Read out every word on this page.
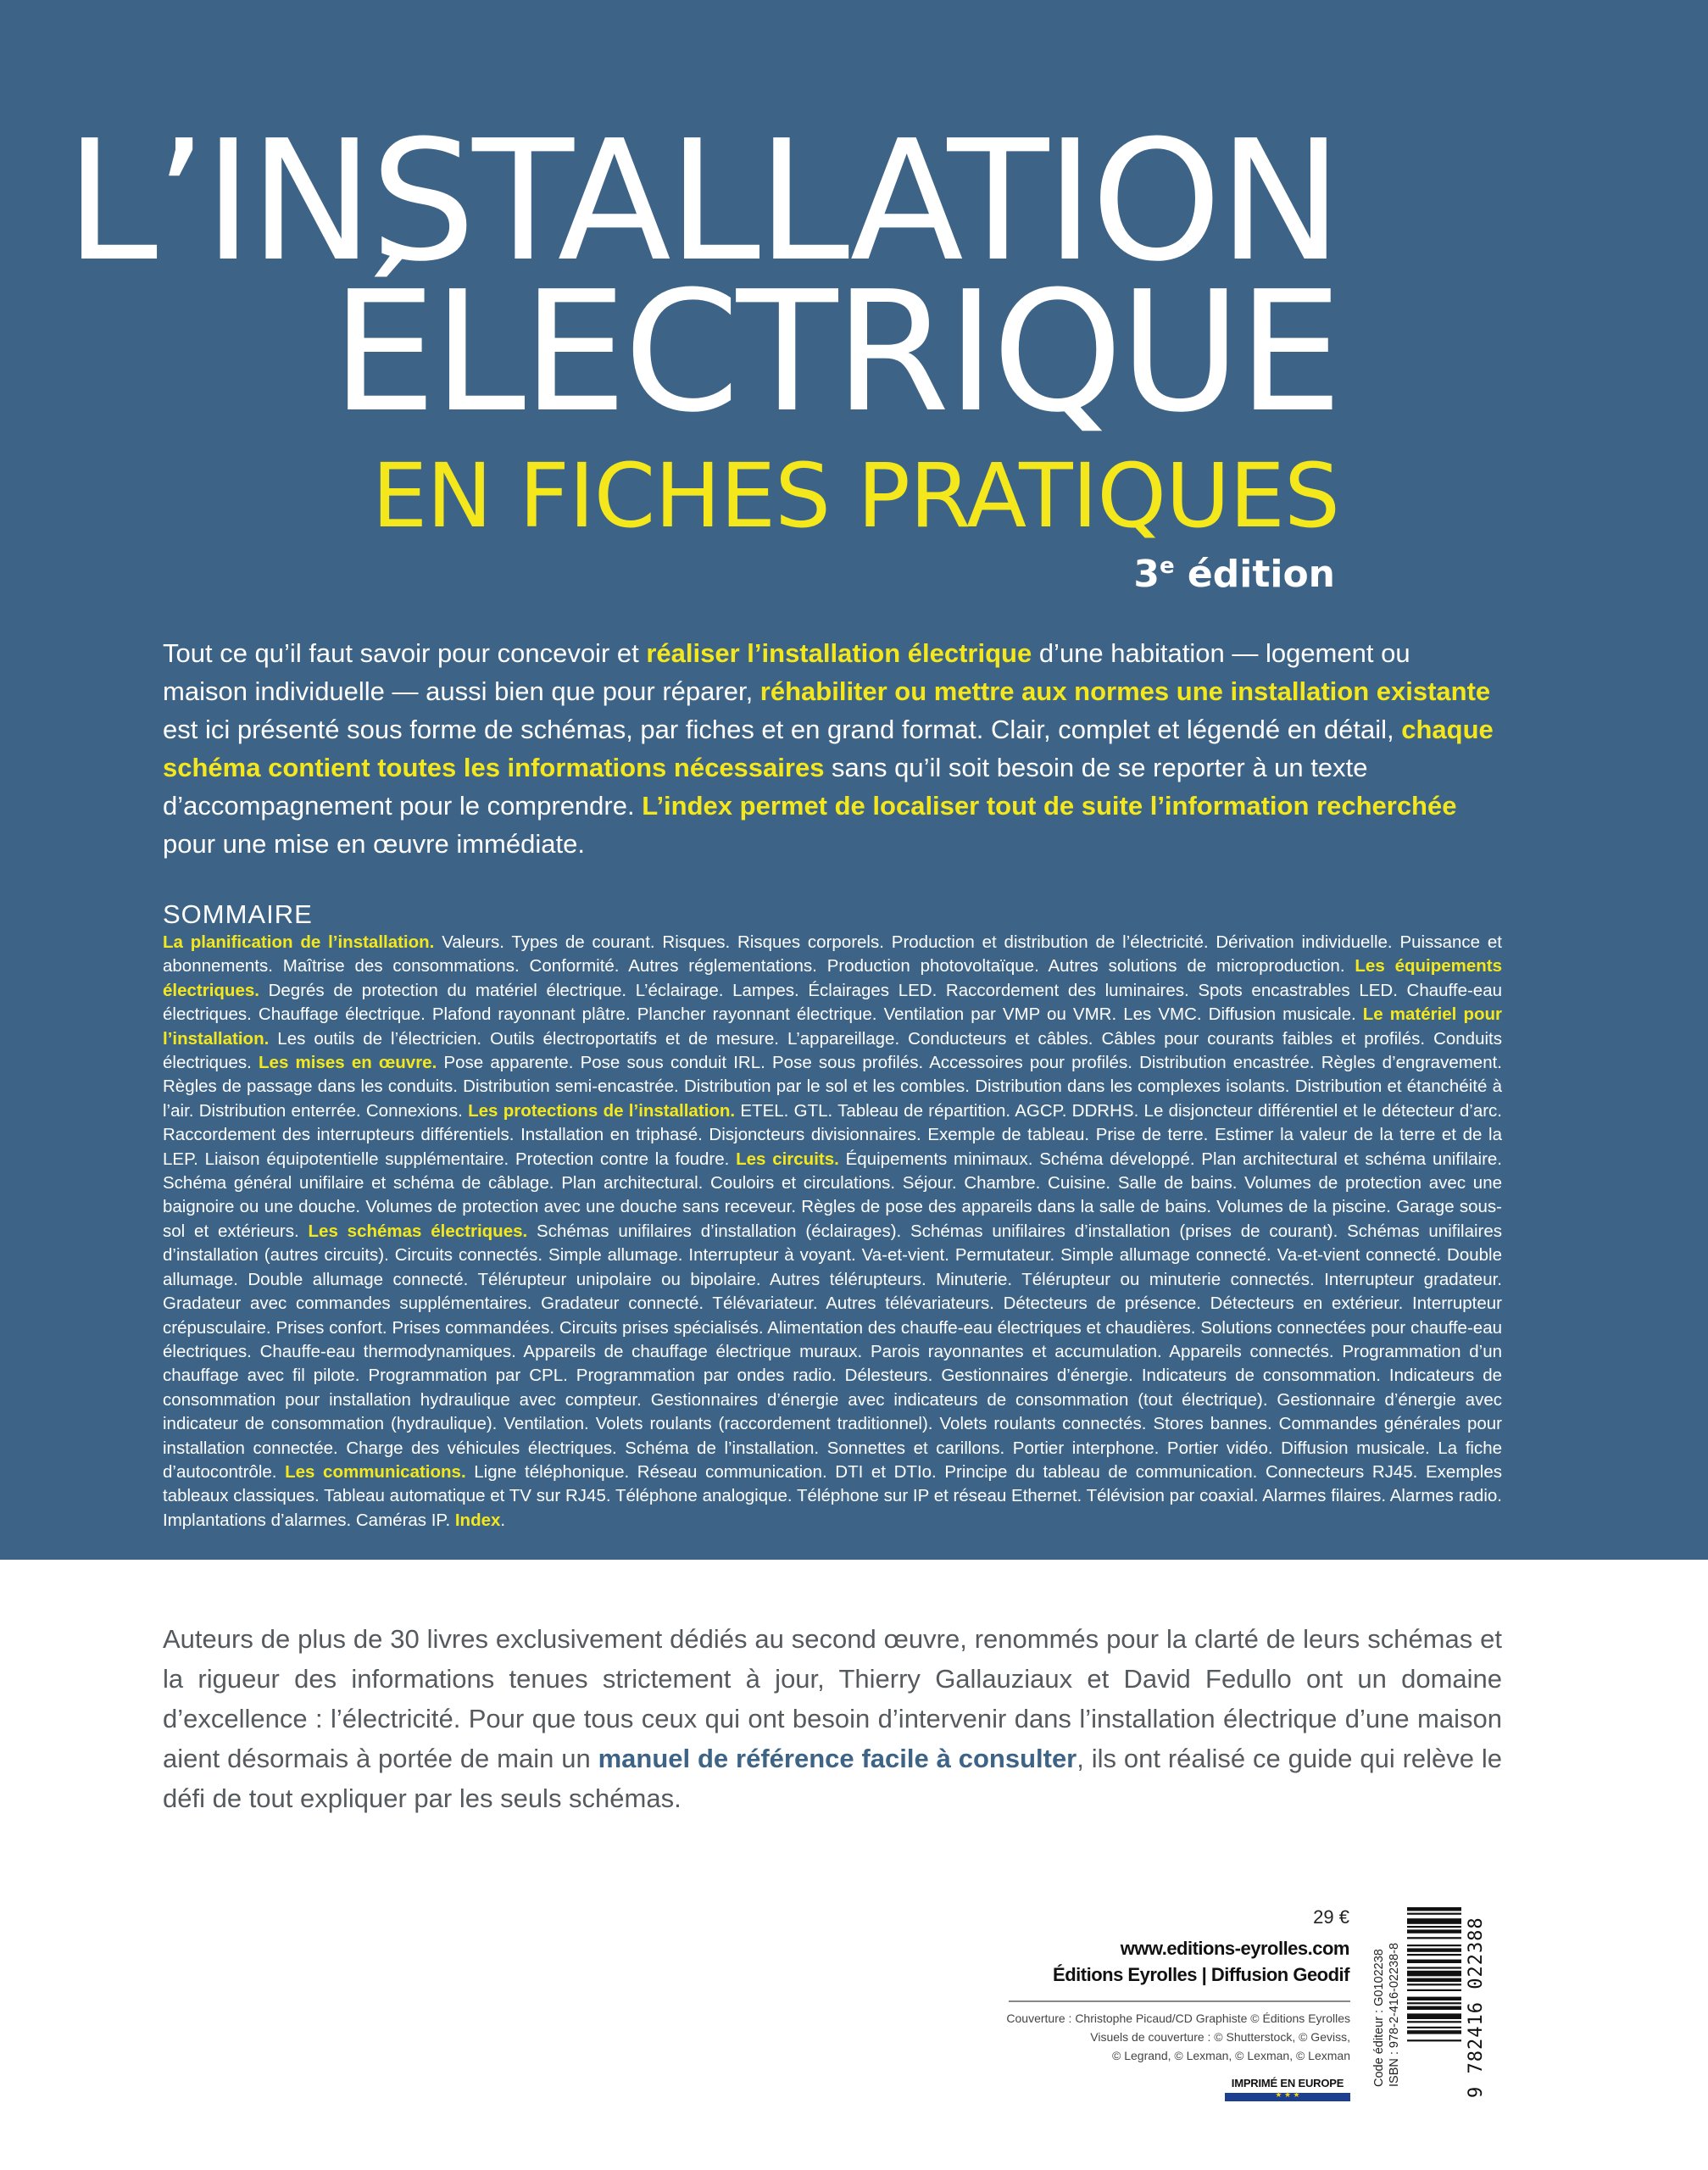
L’INSTALLATION
ÉLECTRIQUE
EN FICHES PRATIQUES
3e édition

Tout ce qu’il faut savoir pour concevoir et réaliser l’installation électrique d’une habitation — logement ou maison individuelle — aussi bien que pour réparer, réhabiliter ou mettre aux normes une installation existante est ici présenté sous forme de schémas, par fiches et en grand format. Clair, complet et légendé en détail, chaque schéma contient toutes les informations nécessaires sans qu’il soit besoin de se reporter à un texte d’accompagnement pour le comprendre. L’index permet de localiser tout de suite l’information recherchée pour une mise en œuvre immédiate.

SOMMAIRE

La planification de l’installation. Valeurs. Types de courant. Risques. Risques corporels. Production et distribution de l’électricité. Dérivation individuelle. Puissance et abonnements. Maîtrise des consommations. Conformité. Autres réglementations. Production photovoltaïque. Autres solutions de microproduction. Les équipements électriques. Degrés de protection du matériel électrique. L’éclairage. Lampes. Éclairages LED. Raccordement des luminaires. Spots encastrables LED. Chauffe-eau électriques. Chauffage électrique. Plafond rayonnant plâtre. Plancher rayonnant électrique. Ventilation par VMP ou VMR. Les VMC. Diffusion musicale. Le matériel pour l’installation. Les outils de l’électricien. Outils électroportatifs et de mesure. L’appareillage. Conducteurs et câbles. Câbles pour courants faibles et profilés. Conduits électriques. Les mises en œuvre. Pose apparente. Pose sous conduit IRL. Pose sous profilés. Accessoires pour profilés. Distribution encastrée. Règles d’engravement. Règles de passage dans les conduits. Distribution semi-encastrée. Distribution par le sol et les combles. Distribution dans les complexes isolants. Distribution et étanchéité à l’air. Distribution enterrée. Connexions. Les protections de l’installation. ETEL. GTL. Tableau de répartition. AGCP. DDRHS. Le disjoncteur différentiel et le détecteur d’arc. Raccordement des interrupteurs différentiels. Installation en triphasé. Disjoncteurs divisionnaires. Exemple de tableau. Prise de terre. Estimer la valeur de la terre et de la LEP. Liaison équipotentielle supplémentaire. Protection contre la foudre. Les circuits. Équipements minimaux. Schéma développé. Plan architectural et schéma unifilaire. Schéma général unifilaire et schéma de câblage. Plan architectural. Couloirs et circulations. Séjour. Chambre. Cuisine. Salle de bains. Volumes de protection avec une baignoire ou une douche. Volumes de protection avec une douche sans receveur. Règles de pose des appareils dans la salle de bains. Volumes de la piscine. Garage sous-sol et extérieurs. Les schémas électriques. Schémas unifilaires d’installation (éclairages). Schémas unifilaires d’installation (prises de courant). Schémas unifilaires d’installation (autres circuits). Circuits connectés. Simple allumage. Interrupteur à voyant. Va-et-vient. Permutateur. Simple allumage connecté. Va-et-vient connecté. Double allumage. Double allumage connecté. Télérupteur unipolaire ou bipolaire. Autres télérupteurs. Minuterie. Télérupteur ou minuterie connectés. Interrupteur gradateur. Gradateur avec commandes supplémentaires. Gradateur connecté. Télévariateur. Autres télévariateurs. Détecteurs de présence. Détecteurs en extérieur. Interrupteur crépusculaire. Prises confort. Prises commandées. Circuits prises spécialisés. Alimentation des chauffe-eau électriques et chaudières. Solutions connectées pour chauffe-eau électriques. Chauffe-eau thermodynamiques. Appareils de chauffage électrique muraux. Parois rayonnantes et accumulation. Appareils connectés. Programmation d’un chauffage avec fil pilote. Programmation par CPL. Programmation par ondes radio. Délesteurs. Gestionnaires d’énergie. Indicateurs de consommation. Indicateurs de consommation pour installation hydraulique avec compteur. Gestionnaires d’énergie avec indicateurs de consommation (tout électrique). Gestionnaire d’énergie avec indicateur de consommation (hydraulique). Ventilation. Volets roulants (raccordement traditionnel). Volets roulants connectés. Stores bannes. Commandes générales pour installation connectée. Charge des véhicules électriques. Schéma de l’installation. Sonnettes et carillons. Portier interphone. Portier vidéo. Diffusion musicale. La fiche d’autocontrôle. Les communications. Ligne téléphonique. Réseau communication. DTI et DTIo. Principe du tableau de communication. Connecteurs RJ45. Exemples tableaux classiques. Tableau automatique et TV sur RJ45. Téléphone analogique. Téléphone sur IP et réseau Ethernet. Télévision par coaxial. Alarmes filaires. Alarmes radio. Implantations d’alarmes. Caméras IP. Index.

Auteurs de plus de 30 livres exclusivement dédiés au second œuvre, renommés pour la clarté de leurs schémas et la rigueur des informations tenues strictement à jour, Thierry Gallauziaux et David Fedullo ont un domaine d’excellence : l’électricité. Pour que tous ceux qui ont besoin d’intervenir dans l’installation électrique d’une maison aient désormais à portée de main un manuel de référence facile à consulter, ils ont réalisé ce guide qui relève le défi de tout expliquer par les seuls schémas.

29 €
www.editions-eyrolles.com
Éditions Eyrolles | Diffusion Geodif

Couverture : Christophe Picaud/CD Graphiste © Éditions Eyrolles
Visuels de couverture : © Shutterstock, © Geviss,
© Legrand, © Lexman, © Lexman, © Lexman

IMPRIMÉ EN EUROPE
★ ★ ★
Code éditeur : G0102238 ISBN : 978-2-416-02238-8	9 782416 022388
